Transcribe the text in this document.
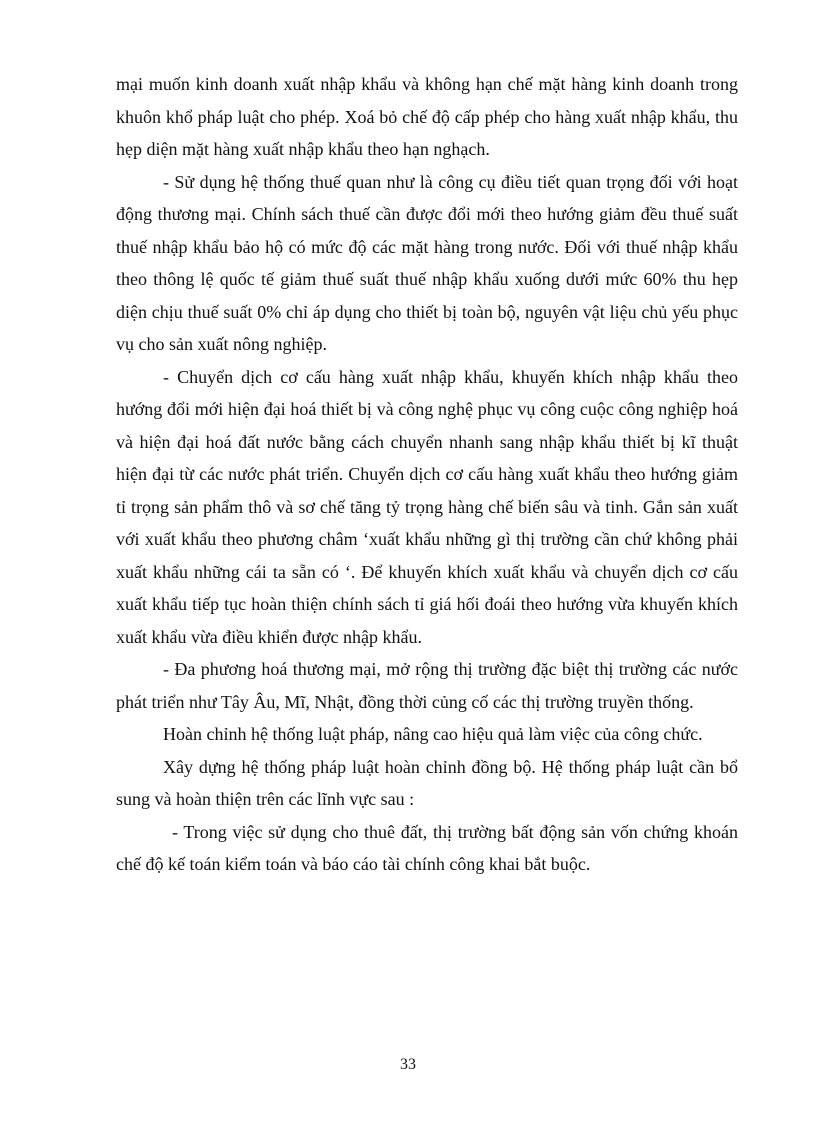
mại muốn kinh doanh xuất nhập khẩu và không hạn chế mặt hàng kinh doanh trong khuôn khổ pháp luật cho phép. Xoá bỏ chế độ cấp phép cho hàng xuất nhập khẩu, thu hẹp diện mặt hàng xuất nhập khẩu theo hạn nghạch.

- Sử dụng hệ thống thuế quan như là công cụ điều tiết quan trọng đối với hoạt động thương mại. Chính sách thuế cần được đổi mới theo hướng giảm đều thuế suất thuế nhập khẩu bảo hộ có mức độ các mặt hàng trong nước. Đối với thuế nhập khẩu theo thông lệ quốc tế giảm thuế suất thuế nhập khẩu xuống dưới mức 60% thu hẹp diện chịu thuế suất 0% chỉ áp dụng cho thiết bị toàn bộ, nguyên vật liệu chủ yếu phục vụ cho sản xuất nông nghiệp.

- Chuyển dịch cơ cấu hàng xuất nhập khẩu, khuyến khích nhập khẩu theo hướng đổi mới hiện đại hoá thiết bị và công nghệ phục vụ công cuộc công nghiệp hoá và hiện đại hoá đất nước bằng cách chuyển nhanh sang nhập khẩu thiết bị kĩ thuật hiện đại từ các nước phát triển. Chuyển dịch cơ cấu hàng xuất khẩu theo hướng giảm tỉ trọng sản phẩm thô và sơ chế tăng tỷ trọng hàng chế biến sâu và tinh. Gắn sản xuất với xuất khẩu theo phương châm ‘xuất khẩu những gì thị trường cần chứ không phải xuất khẩu những cái ta sẵn có ‘. Để khuyến khích xuất khẩu và chuyển dịch cơ cấu xuất khẩu tiếp tục hoàn thiện chính sách tỉ giá hối đoái theo hướng vừa khuyến khích xuất khẩu vừa điều khiển được nhập khẩu.

- Đa phương hoá thương mại, mở rộng thị trường đặc biệt thị trường các nước phát triển như Tây Âu, Mĩ, Nhật, đồng thời củng cố các thị trường truyền thống.

Hoàn chỉnh hệ thống luật pháp, nâng cao hiệu quả làm việc của công chức.

Xây dựng hệ thống pháp luật hoàn chỉnh đồng bộ. Hệ thống pháp luật cần bổ sung và hoàn thiện trên các lĩnh vực sau :

- Trong việc sử dụng cho thuê đất, thị trường bất động sản vốn chứng khoán chế độ kế toán kiểm toán và báo cáo tài chính công khai bắt buộc.

33
